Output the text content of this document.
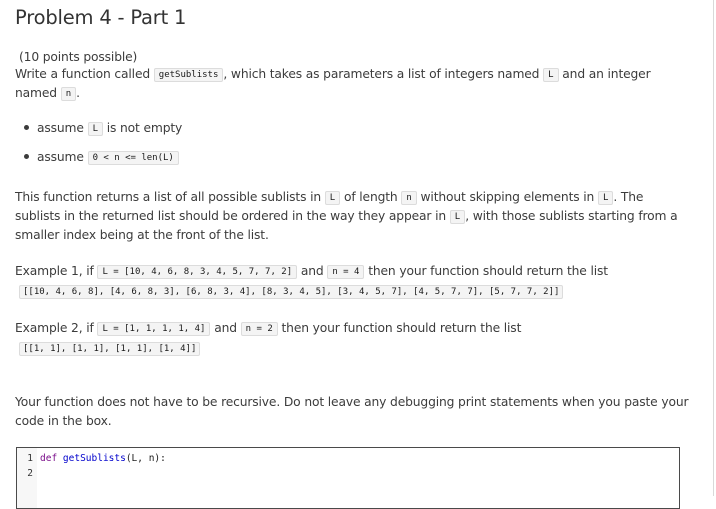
Problem 4 - Part 1
(10 points possible)
Write a function called getSublists , which takes as parameters a list of integers named L and an integer
named n .
assume L is not empty
assume 0 < n <= len(L)
This function returns a list of all possible sublists in L of length n without skipping elements in L . The
sublists in the returned list should be ordered in the way they appear in L , with those sublists starting from a
smaller index being at the front of the list.
Example 1, if L = [10, 4, 6, 8, 3, 4, 5, 7, 7, 2] and n = 4 then your function should return the list
[[10, 4, 6, 8], [4, 6, 8, 3], [6, 8, 3, 4], [8, 3, 4, 5], [3, 4, 5, 7], [4, 5, 7, 7], [5, 7, 7, 2]]
Example 2, if L = [1, 1, 1, 1, 4] and n = 2 then your function should return the list
[[1, 1], [1, 1], [1, 1], [1, 4]]
Your function does not have to be recursive. Do not leave any debugging print statements when you paste your
code in the box.
1
2
def getSublists(L, n):
